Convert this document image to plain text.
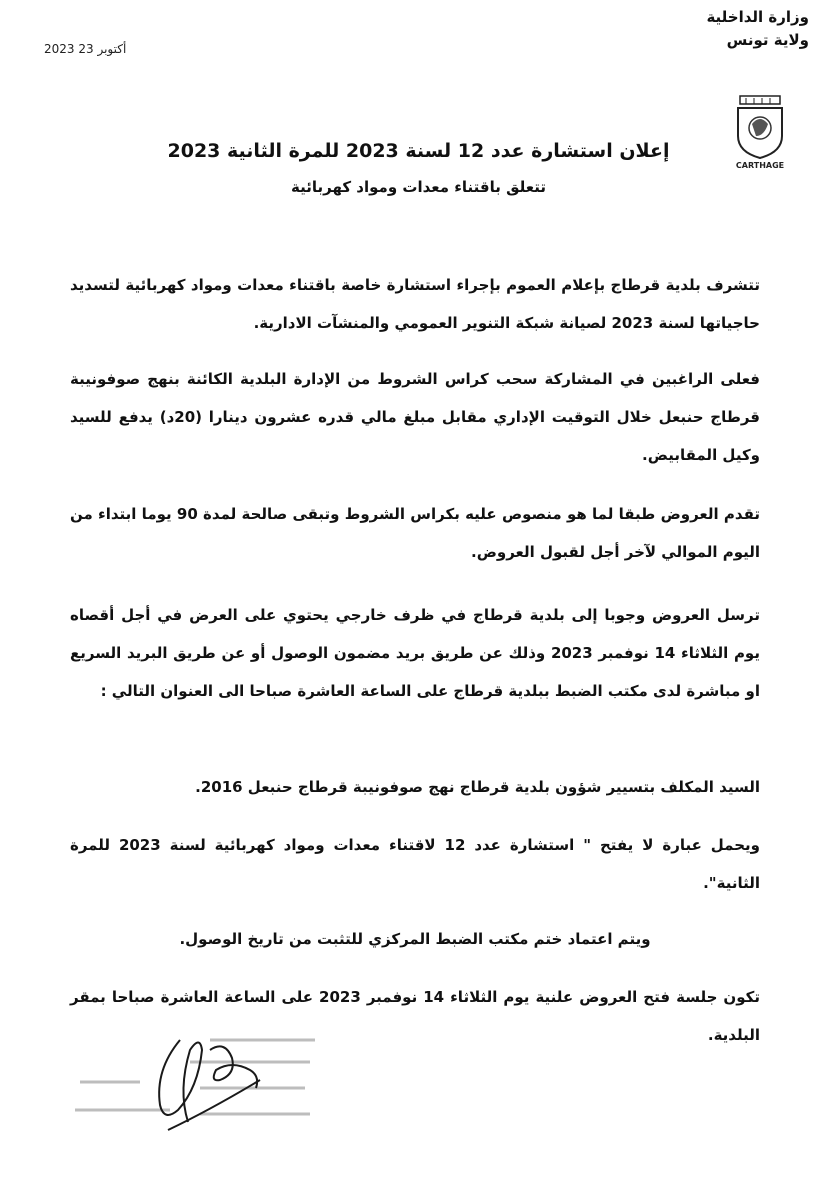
2023 أكتوبر 23
وزارة الداخلية
ولاية تونس
CARTHAGE
إعلان استشارة عدد 12 لسنة 2023 للمرة الثانية 2023
تتعلق باقتناء معدات ومواد كهربائية
تتشرف بلدية قرطاج بإعلام العموم بإجراء استشارة خاصة باقتناء معدات ومواد كهربائية لتسديد حاجياتها لسنة 2023 لصيانة شبكة التنوير العمومي والمنشآت الادارية.
فعلى الراغبين في المشاركة سحب كراس الشروط من الإدارة البلدية الكائنة بنهج صوفونيبة قرطاج حنبعل خلال التوقيت الإداري مقابل مبلغ مالي قدره عشرون دينارا (20د) يدفع للسيد وكيل المقابيض.
تقدم العروض طبقا لما هو منصوص عليه بكراس الشروط وتبقى صالحة لمدة 90 يوما ابتداء من اليوم الموالي لآخر أجل لقبول العروض.
ترسل العروض وجوبا إلى بلدية قرطاج في ظرف خارجي يحتوي على العرض في أجل أقصاه يوم الثلاثاء 14 نوفمبر 2023 وذلك عن طريق بريد مضمون الوصول أو عن طريق البريد السريع او مباشرة لدى مكتب الضبط ببلدية قرطاج على الساعة العاشرة صباحا الى العنوان التالي :
السيد المكلف بتسيير شؤون بلدية قرطاج نهج صوفونيبة قرطاج حنبعل 2016.
ويحمل عبارة لا يفتح " استشارة عدد 12 لاقتناء معدات ومواد كهربائية لسنة 2023 للمرة الثانية".
ويتم اعتماد ختم مكتب الضبط المركزي للتثبت من تاريخ الوصول.
تكون جلسة فتح العروض علنية يوم الثلاثاء 14 نوفمبر 2023 على الساعة العاشرة صباحا بمقر البلدية.
